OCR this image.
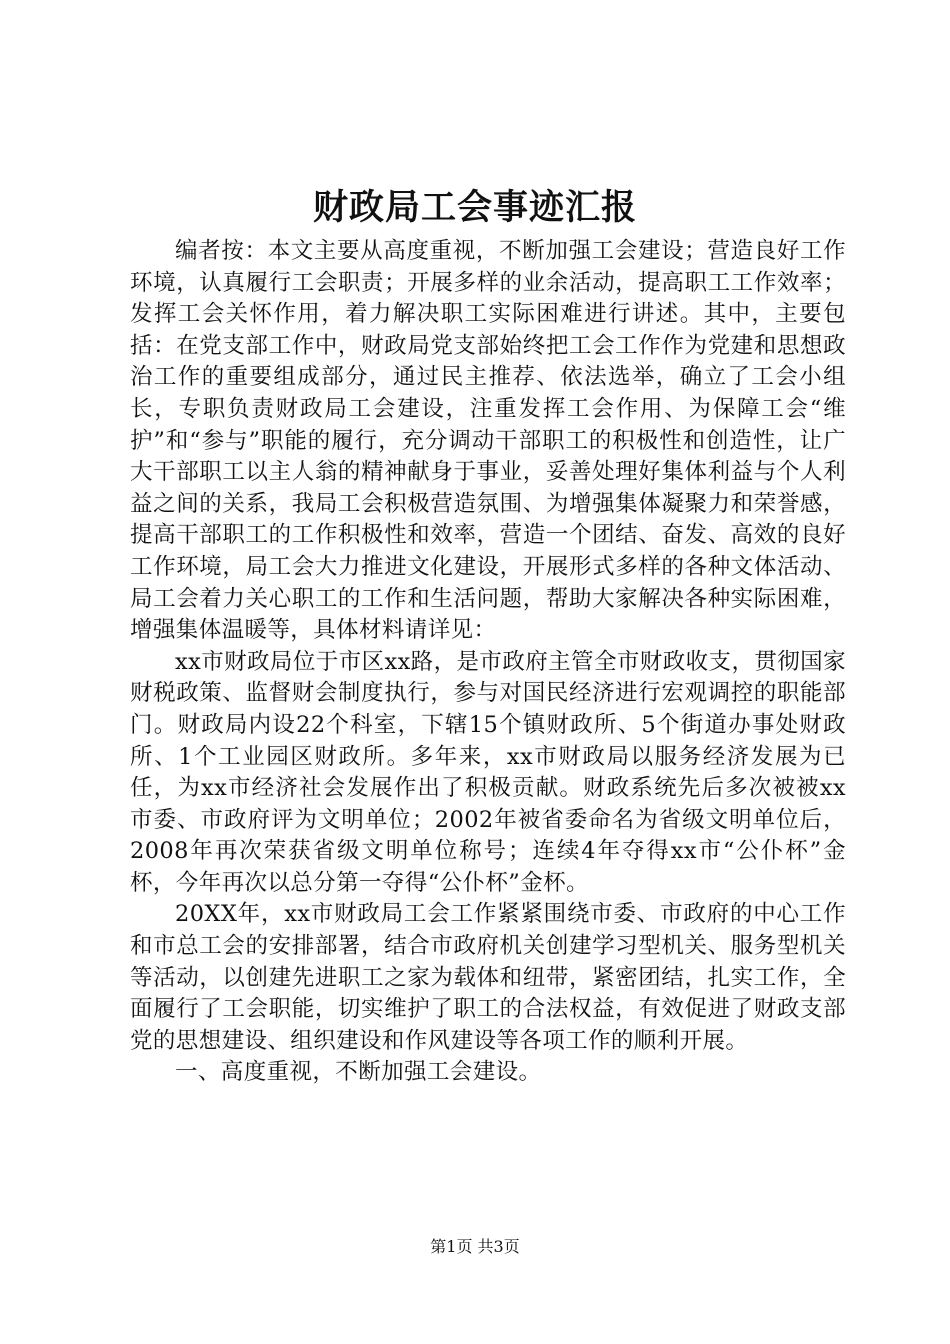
财政局工会事迹汇报

编者按：本文主要从高度重视，不断加强工会建设；营造良好工作环境，认真履行工会职责；开展多样的业余活动，提高职工工作效率；发挥工会关怀作用，着力解决职工实际困难进行讲述。其中，主要包括：在党支部工作中，财政局党支部始终把工会工作作为党建和思想政治工作的重要组成部分，通过民主推荐、依法选举，确立了工会小组长，专职负责财政局工会建设，注重发挥工会作用、为保障工会“维护”和“参与”职能的履行，充分调动干部职工的积极性和创造性，让广大干部职工以主人翁的精神献身于事业，妥善处理好集体利益与个人利益之间的关系，我局工会积极营造氛围、为增强集体凝聚力和荣誉感，提高干部职工的工作积极性和效率，营造一个团结、奋发、高效的良好工作环境，局工会大力推进文化建设，开展形式多样的各种文体活动、局工会着力关心职工的工作和生活问题，帮助大家解决各种实际困难，增强集体温暖等，具体材料请详见：

xx市财政局位于市区xx路，是市政府主管全市财政收支，贯彻国家财税政策、监督财会制度执行，参与对国民经济进行宏观调控的职能部门。财政局内设22个科室，下辖15个镇财政所、5个街道办事处财政所、1个工业园区财政所。多年来，xx市财政局以服务经济发展为已任，为xx市经济社会发展作出了积极贡献。财政系统先后多次被被xx市委、市政府评为文明单位；2002年被省委命名为省级文明单位后，2008年再次荣获省级文明单位称号；连续4年夺得xx市“公仆杯”金杯，今年再次以总分第一夺得“公仆杯”金杯。

20XX年，xx市财政局工会工作紧紧围绕市委、市政府的中心工作和市总工会的安排部署，结合市政府机关创建学习型机关、服务型机关等活动，以创建先进职工之家为载体和纽带，紧密团结，扎实工作，全面履行了工会职能，切实维护了职工的合法权益，有效促进了财政支部党的思想建设、组织建设和作风建设等各项工作的顺利开展。

一、高度重视，不断加强工会建设。

第1页 共3页
